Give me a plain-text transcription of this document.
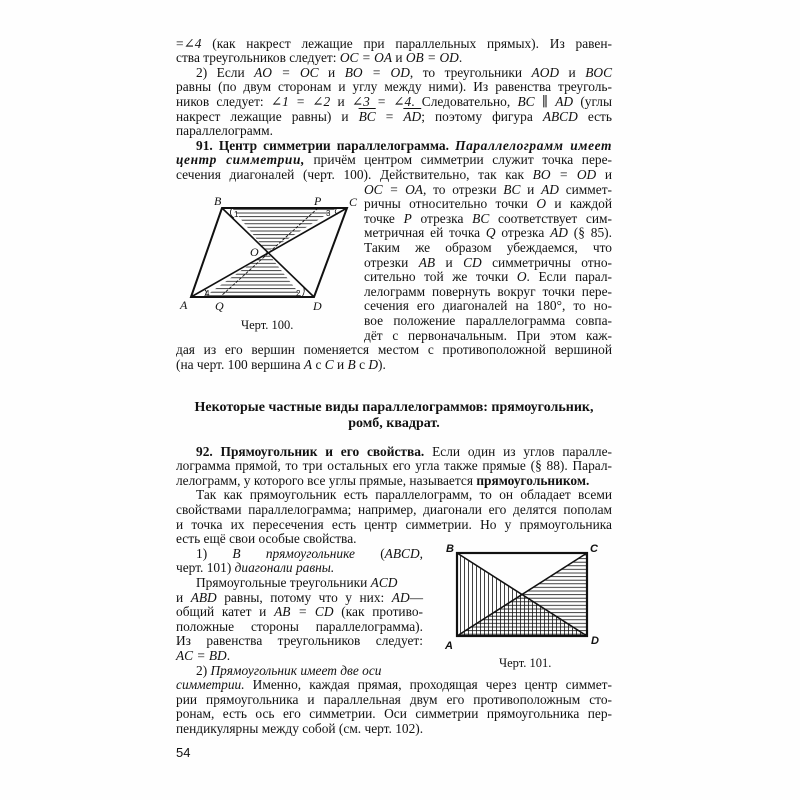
=∠4 (как накрест лежащие при параллельных прямых). Из равен-
ства треугольников следует: OC = OA и OB = OD.
2) Если AO = OC и BO = OD, то треугольники AOD и BOC
равны (по двум сторонам и углу между ними). Из равенства треуголь-
ников следует: ∠1 = ∠2 и ∠3 = ∠4. Следовательно, BC ∥ AD (углы
накрест лежащие равны) и $\overline{BC} = \overline{AD}$; поэтому фигура ABCD есть
параллелограмм.
91. Центр симметрии параллелограмма. Параллелограмм имеет
центр симметрии, причём центром симметрии служит точка пере-
сечения диагоналей (черт. 100). Действительно, так как BO = OD и
OC = OA, то отрезки BC и AD симмет-
ричны относительно точки O и каждой
точке P отрезка BC соответствует сим-
метричная ей точка Q отрезка AD (§ 85).
Таким же образом убеждаемся, что
отрезки AB и CD симметричны отно-
сительно той же точки O. Если парал-
лелограмм повернуть вокруг точки пере-
сечения его диагоналей на 180°, то но-
вое положение параллелограмма совпа-
дёт с первоначальным. При этом каж-
дая из его вершин поменяется местом с противоположной вершиной
(на черт. 100 вершина A с C и B с D).
Некоторые частные виды параллелограммов: прямоугольник,
ромб, квадрат.
92. Прямоугольник и его свойства. Если один из углов паралле-
лограмма прямой, то три остальных его угла также прямые (§ 88). Парал-
лелограмм, у которого все углы прямые, называется прямоугольником.
Так как прямоугольник есть параллелограмм, то он обладает всеми
свойствами параллелограмма; например, диагонали его делятся пополам
и точка их пересечения есть центр симметрии. Но у прямоугольника
есть ещё свои особые свойства.
1) В прямоугольнике (ABCD,
черт. 101) диагонали равны.
Прямоугольные треугольники ACD
и ABD равны, потому что у них: AD—
общий катет и AB = CD (как противо-
положные стороны параллелограмма).
Из равенства треугольников следует:
AC = BD.
2) Прямоугольник имеет две оси
симметрии. Именно, каждая прямая, проходящая через центр симмет-
рии прямоугольника и параллельная двум его противоположным сто-
ронам, есть ось его симметрии. Оси симметрии прямоугольника пер-
пендикулярны между собой (см. черт. 102).
B	P C
O
A Q	D
1
2
3
4
B	C
A	D
Черт. 100.
Черт. 101.
54
